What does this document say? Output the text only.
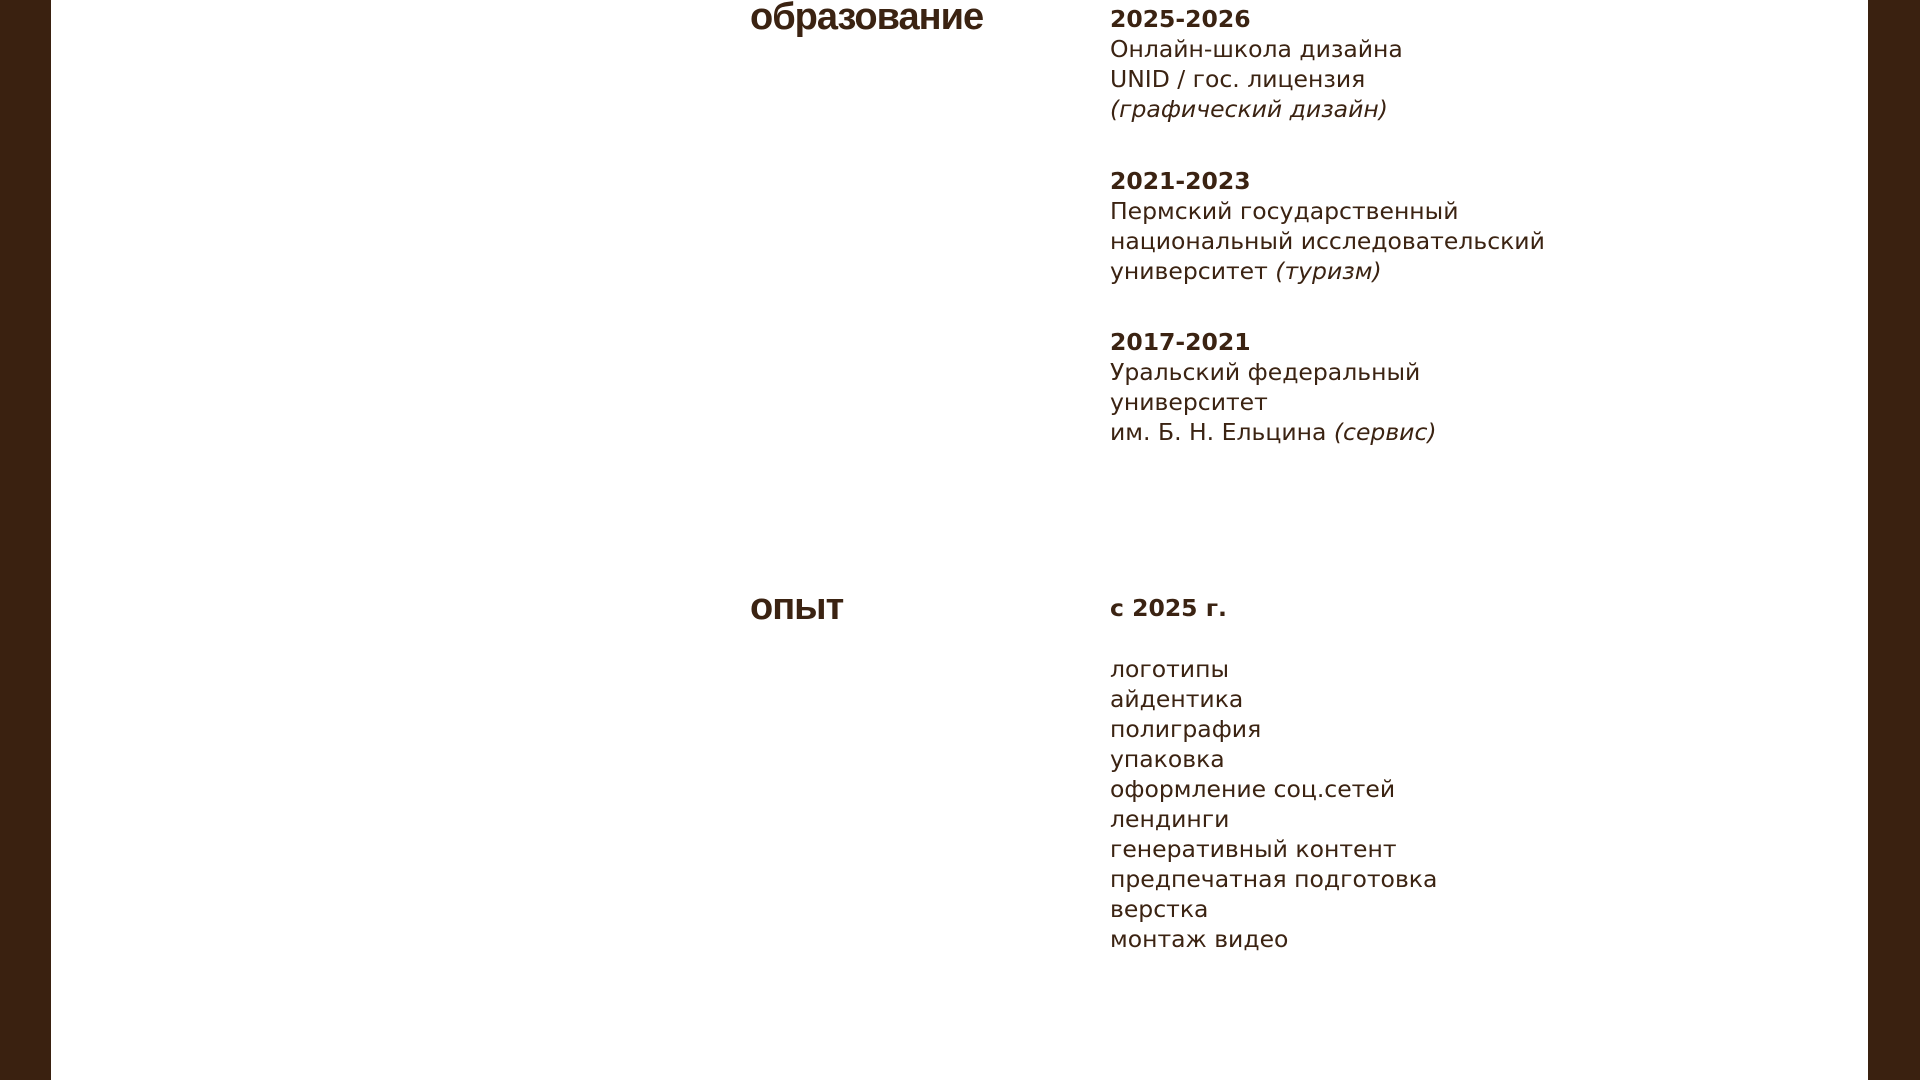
образование	2025-2026
Онлайн-школа дизайна
UNID / гос. лицензия
(графический дизайн)
2021-2023
Пермский государственный
национальный исследовательский
университет (туризм)
2017-2021
Уральский федеральный
университет
им. Б. Н. Ельцина (сервис)
опыт	с 2025 г.
логотипы
айдентика
полиграфия
упаковка
оформление соц.сетей
лендинги
генеративный контент
предпечатная подготовка
верстка
монтаж видео
